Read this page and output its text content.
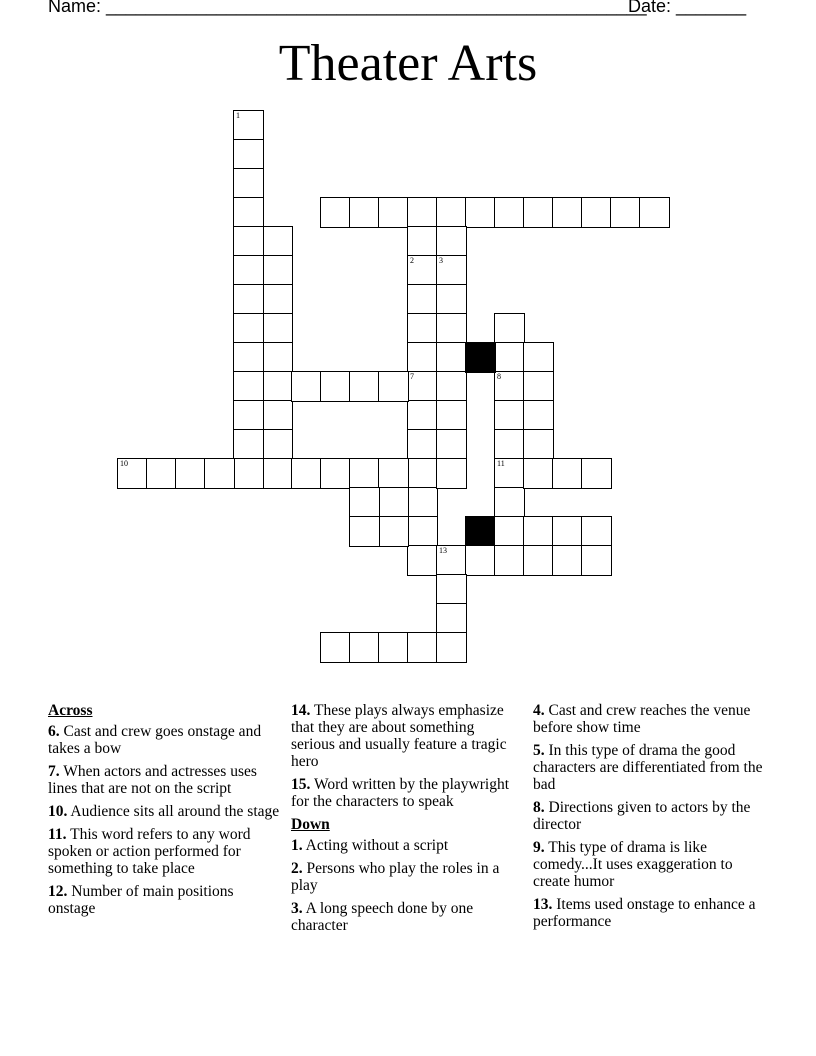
Name: ______________________________________________________
Date: _______
Theater Arts
2
7
1
3
10
8
11
12
13
Across
6. Cast and crew goes onstage and takes a bow
7. When actors and actresses uses lines that are not on the script
10. Audience sits all around the stage
11. This word refers to any word spoken or action performed for something to take place
12. Number of main positions onstage
14. These plays always emphasize that they are about something serious and usually feature a tragic hero
15. Word written by the playwright for the characters to speak
Down
1. Acting without a script
2. Persons who play the roles in a play
3. A long speech done by one character
4. Cast and crew reaches the venue before show time
5. In this type of drama the good characters are differentiated from the bad
8. Directions given to actors by the director
9. This type of drama is like comedy...It uses exaggeration to create humor
13. Items used onstage to enhance a performance
